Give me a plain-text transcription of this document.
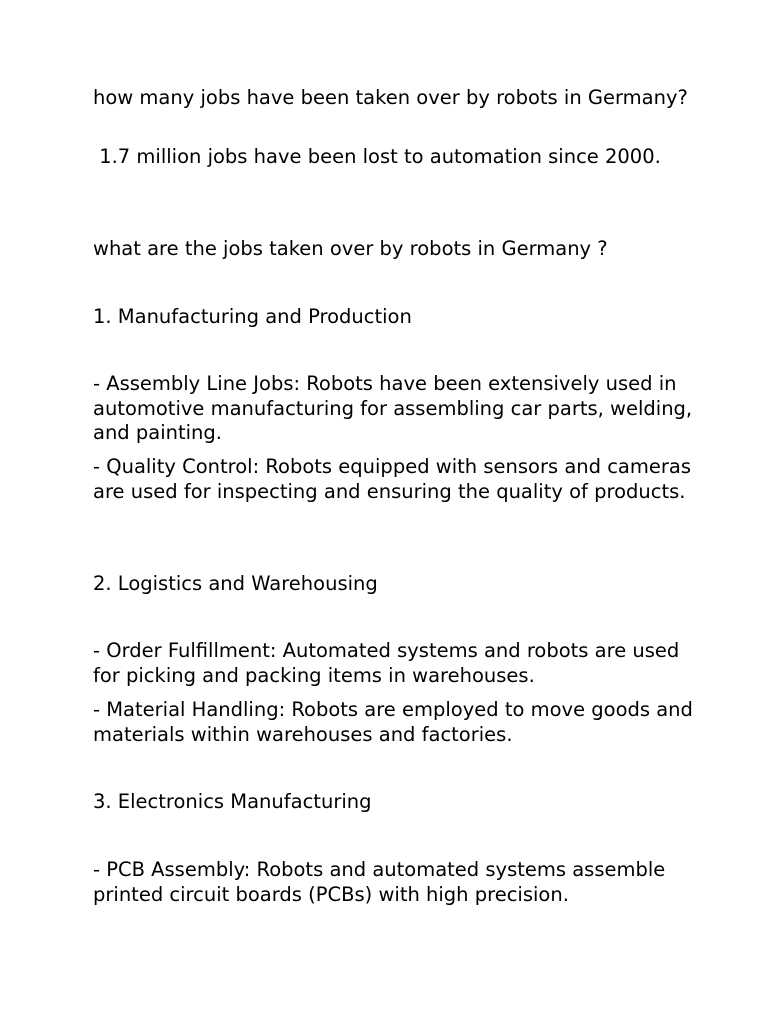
how many jobs have been taken over by robots in Germany?

1.7 million jobs have been lost to automation since 2000.

what are the jobs taken over by robots in Germany ?

1. Manufacturing and Production

- Assembly Line Jobs: Robots have been extensively used in automotive manufacturing for assembling car parts, welding, and painting.

- Quality Control: Robots equipped with sensors and cameras are used for inspecting and ensuring the quality of products.

2. Logistics and Warehousing

- Order Fulfillment: Automated systems and robots are used for picking and packing items in warehouses.

- Material Handling: Robots are employed to move goods and materials within warehouses and factories.

3. Electronics Manufacturing

- PCB Assembly: Robots and automated systems assemble printed circuit boards (PCBs) with high precision.
